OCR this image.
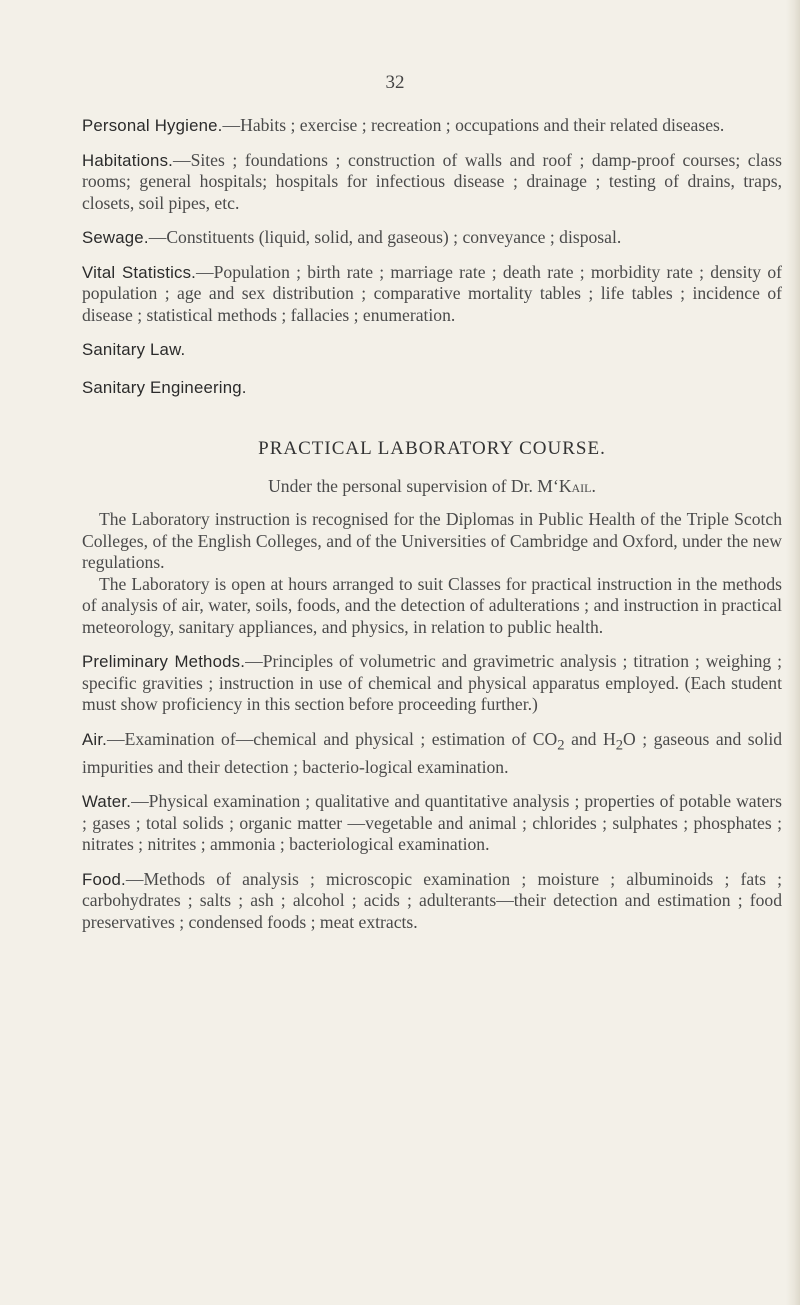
32
Personal Hygiene.—Habits ; exercise ; recreation ; occupations and their related diseases.
Habitations.—Sites ; foundations ; construction of walls and roof ; damp-proof courses; class rooms; general hospitals; hospitals for infectious disease ; drainage ; testing of drains, traps, closets, soil pipes, etc.
Sewage.—Constituents (liquid, solid, and gaseous) ; conveyance ; disposal.
Vital Statistics.—Population ; birth rate ; marriage rate ; death rate ; morbidity rate ; density of population ; age and sex distribution ; comparative mortality tables ; life tables ; incidence of disease ; statistical methods ; fallacies ; enumeration.
Sanitary Law.
Sanitary Engineering.
PRACTICAL LABORATORY COURSE.
Under the personal supervision of Dr. M‘Kail.

The Laboratory instruction is recognised for the Diplomas in Public Health of the Triple Scotch Colleges, of the English Colleges, and of the Universities of Cambridge and Oxford, under the new regulations.

The Laboratory is open at hours arranged to suit Classes for practical instruction in the methods of analysis of air, water, soils, foods, and the detection of adulterations ; and instruction in practical meteorology, sanitary appliances, and physics, in relation to public health.

Preliminary Methods.—Principles of volumetric and gravimetric analysis ; titration ; weighing ; specific gravities ; instruction in use of chemical and physical apparatus employed. (Each student must show proficiency in this section before proceeding further.)
Air.—Examination of—chemical and physical ; estimation of $CO_2$ and $H_2O$ ; gaseous and solid impurities and their detection ; bacterio-logical examination.
Water.—Physical examination ; qualitative and quantitative analysis ; properties of potable waters ; gases ; total solids ; organic matter —vegetable and animal ; chlorides ; sulphates ; phosphates ; nitrates ; nitrites ; ammonia ; bacteriological examination.
Food.—Methods of analysis ; microscopic examination ; moisture ; albuminoids ; fats ; carbohydrates ; salts ; ash ; alcohol ; acids ; adulterants—their detection and estimation ; food preservatives ; condensed foods ; meat extracts.
